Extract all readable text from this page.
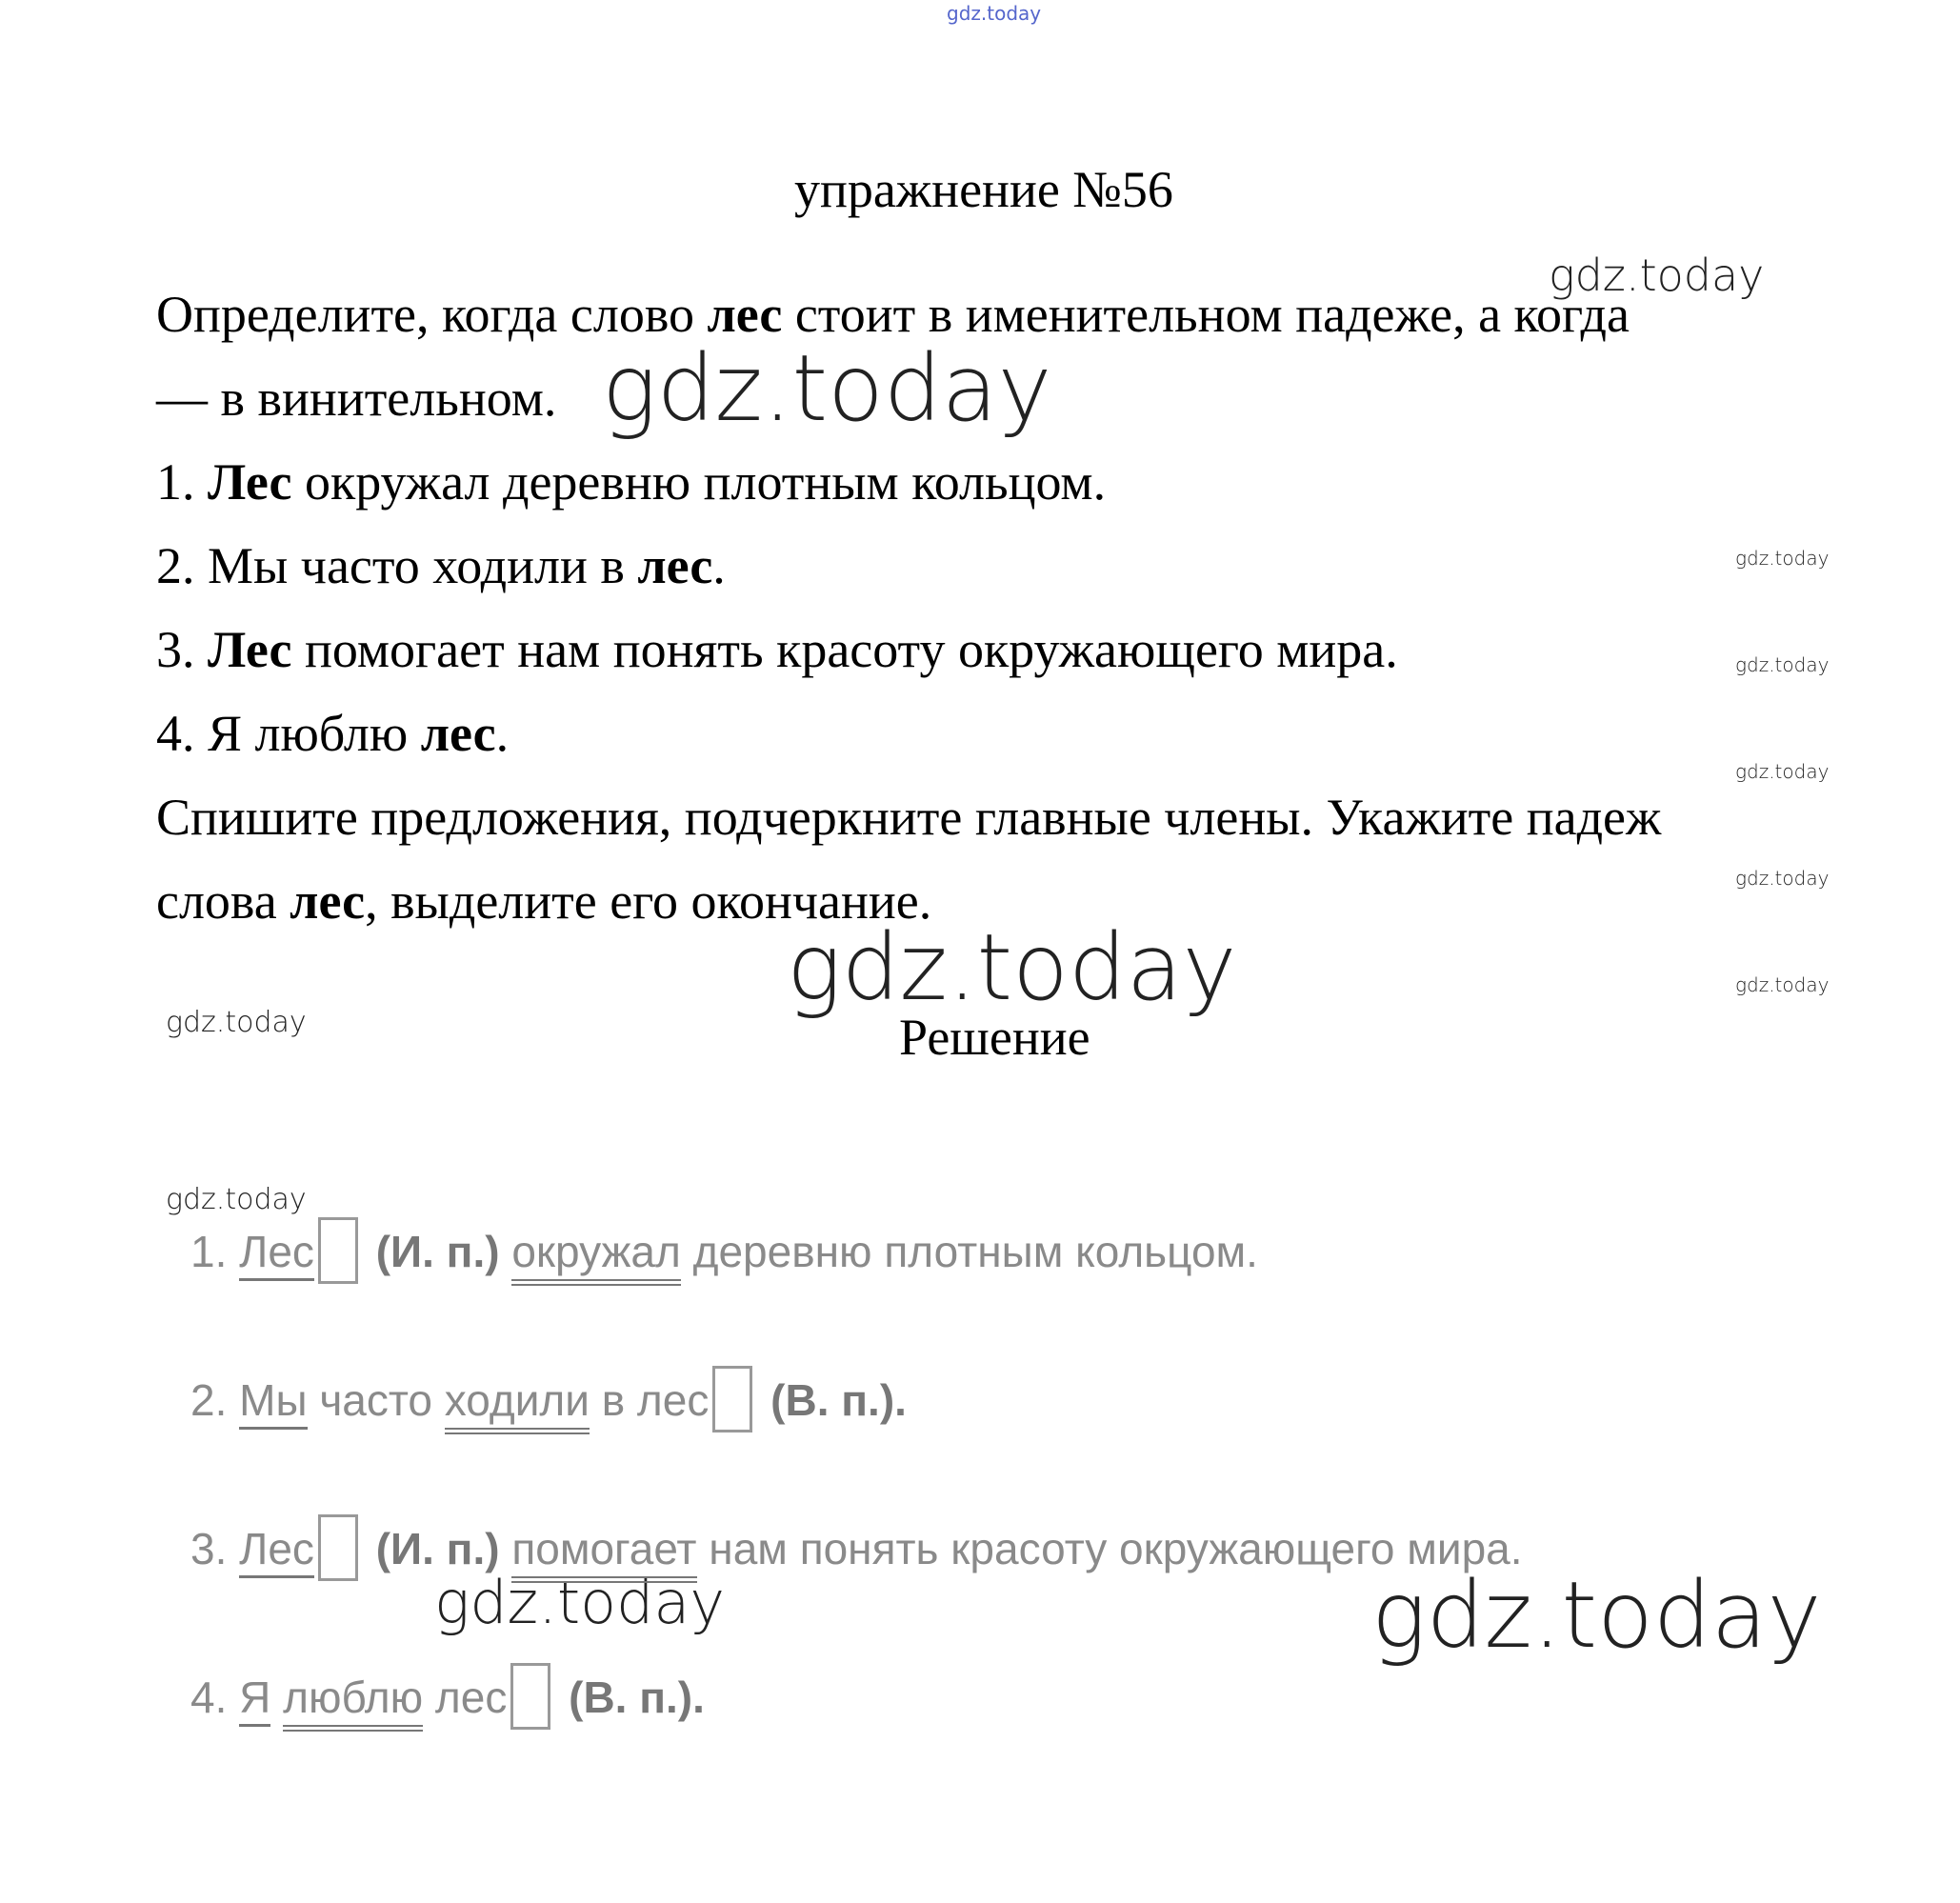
gdz.today
gdz.today
gdz.today
gdz.today
gdz.today
gdz.today
gdz.today
gdz.today
gdz.today
gdz.today
gdz.today
gdz.today	gdz.today
упражнение №56
Определите, когда слово лес стоит в именительном падеже, а когда
— в винительном.
1. Лес окружал деревню плотным кольцом.
2. Мы часто ходили в лес.
3. Лес помогает нам понять красоту окружающего мира.
4. Я люблю лес.
Спишите предложения, подчеркните главные члены. Укажите падеж
слова лес, выделите его окончание.
Решение
1. Лес (И. п.) окружал деревню плотным кольцом.
2. Мы часто ходили в лес (В. п.).
3. Лес (И. п.) помогает нам понять красоту окружающего мира.
4. Я люблю лес (В. п.).
